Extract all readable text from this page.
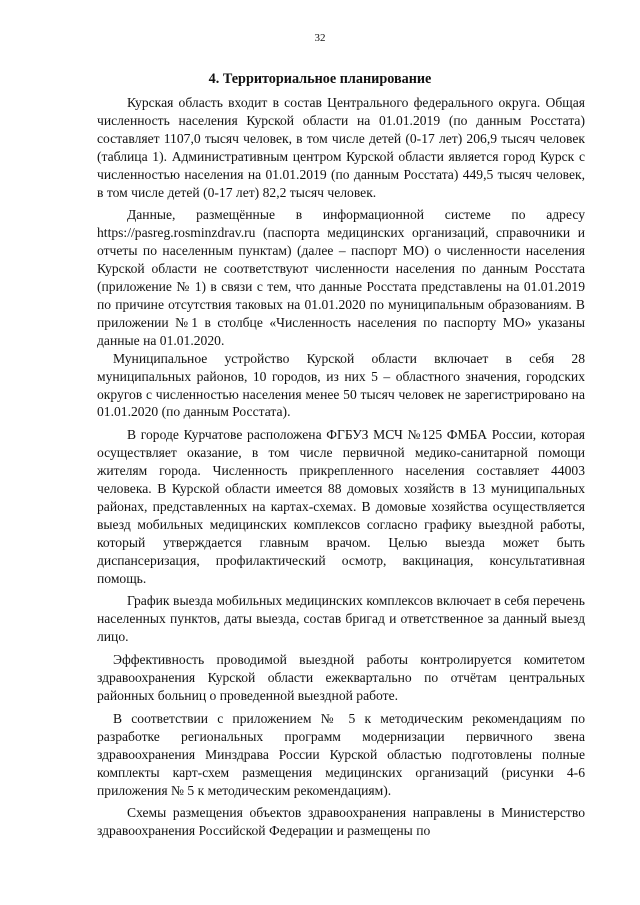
32
4. Территориальное планирование

Курская область входит в состав Центрального федерального округа. Общая численность населения Курской области на 01.01.2019 (по данным Росстата) составляет 1107,0 тысяч человек, в том числе детей (0-17 лет) 206,9 тысяч человек (таблица 1). Административным центром Курской области является город Курск с численностью населения на 01.01.2019 (по данным Росстата) 449,5 тысяч человек, в том числе детей (0-17 лет) 82,2 тысяч человек.

Данные, размещённые в информационной системе по адресу https://pasreg.rosminzdrav.ru (паспорта медицинских организаций, справочники и отчеты по населенным пунктам) (далее – паспорт МО) о численности населения Курской области не соответствуют численности населения по данным Росстата (приложение № 1) в связи с тем, что данные Росстата представлены на 01.01.2019 по причине отсутствия таковых на 01.01.2020 по муниципальным образованиям. В приложении №1 в столбце «Численность населения по паспорту МО» указаны данные на 01.01.2020.

Муниципальное устройство Курской области включает в себя 28 муниципальных районов, 10 городов, из них 5 – областного значения, городских округов с численностью населения менее 50 тысяч человек не зарегистрировано на 01.01.2020 (по данным Росстата).

В городе Курчатове расположена ФГБУЗ МСЧ №125 ФМБА России, которая осуществляет оказание, в том числе первичной медико-санитарной помощи жителям города. Численность прикрепленного населения составляет 44003 человека. В Курской области имеется 88 домовых хозяйств в 13 муниципальных районах, представленных на картах-схемах. В домовые хозяйства осуществляется выезд мобильных медицинских комплексов согласно графику выездной работы, который утверждается главным врачом. Целью выезда может быть диспансеризация, профилактический осмотр, вакцинация, консультативная помощь.

График выезда мобильных медицинских комплексов включает в себя перечень населенных пунктов, даты выезда, состав бригад и ответственное за данный выезд лицо.

Эффективность проводимой выездной работы контролируется комитетом здравоохранения Курской области ежеквартально по отчётам центральных районных больниц о проведенной выездной работе.

В соответствии с приложением № 5 к методическим рекомендациям по разработке региональных программ модернизации первичного звена здравоохранения Минздрава России Курской областью подготовлены полные комплекты карт-схем размещения медицинских организаций (рисунки 4-6 приложения № 5 к методическим рекомендациям).

Схемы размещения объектов здравоохранения направлены в Министерство здравоохранения Российской Федерации и размещены по
